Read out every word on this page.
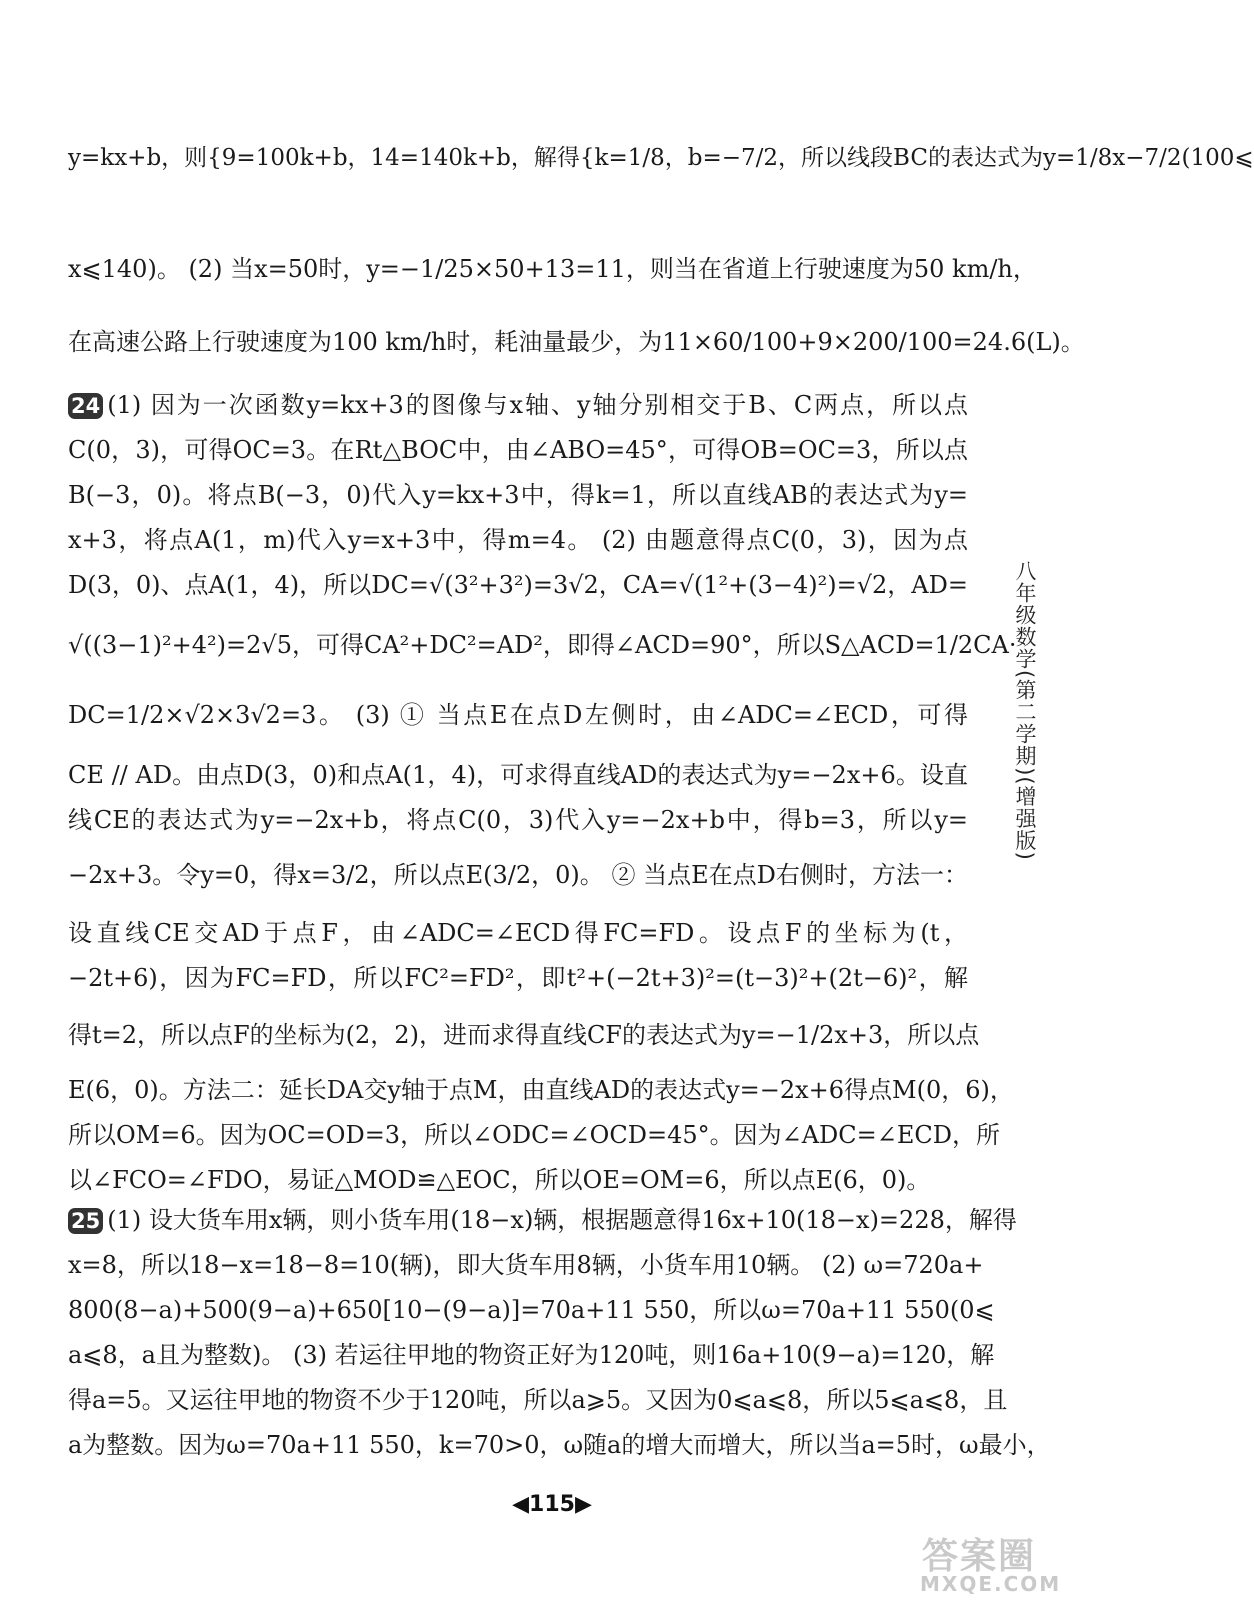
y=kx+b，则{9=100k+b，14=140k+b，解得{k=1/8，b=−7/2，所以线段BC的表达式为y=1/8x−7/2(100⩽
x⩽140)。 (2) 当x=50时，y=−1/25×50+13=11，则当在省道上行驶速度为50 km/h，
在高速公路上行驶速度为100 km/h时，耗油量最少，为11×60/100+9×200/100=24.6(L)。
24 (1) 因为一次函数y=kx+3的图像与x轴、y轴分别相交于B、C两点，所以点
C(0，3)，可得OC=3。在Rt△BOC中，由∠ABO=45°，可得OB=OC=3，所以点
B(−3，0)。将点B(−3，0)代入y=kx+3中，得k=1，所以直线AB的表达式为y=
x+3，将点A(1，m)代入y=x+3中，得m=4。 (2) 由题意得点C(0，3)，因为点
D(3，0)、点A(1，4)，所以DC=√(3²+3²)=3√2，CA=√(1²+(3−4)²)=√2，AD=
√((3−1)²+4²)=2√5，可得CA²+DC²=AD²，即得∠ACD=90°，所以S△ACD=1/2CA·
DC=1/2×√2×3√2=3。 (3) ① 当点E在点D左侧时，由∠ADC=∠ECD，可得
CE // AD。由点D(3，0)和点A(1，4)，可求得直线AD的表达式为y=−2x+6。设直
线CE的表达式为y=−2x+b，将点C(0，3)代入y=−2x+b中，得b=3，所以y=
−2x+3。令y=0，得x=3/2，所以点E(3/2，0)。 ② 当点E在点D右侧时，方法一：
设直线CE交AD于点F，由∠ADC=∠ECD得FC=FD。设点F的坐标为(t，
−2t+6)，因为FC=FD，所以FC²=FD²，即t²+(−2t+3)²=(t−3)²+(2t−6)²，解
得t=2，所以点F的坐标为(2，2)，进而求得直线CF的表达式为y=−1/2x+3，所以点
E(6，0)。方法二：延长DA交y轴于点M，由直线AD的表达式y=−2x+6得点M(0，6)，
所以OM=6。因为OC=OD=3，所以∠ODC=∠OCD=45°。因为∠ADC=∠ECD，所
以∠FCO=∠FDO，易证△MOD≌△EOC，所以OE=OM=6，所以点E(6，0)。
25 (1) 设大货车用x辆，则小货车用(18−x)辆，根据题意得16x+10(18−x)=228，解得
x=8，所以18−x=18−8=10(辆)，即大货车用8辆，小货车用10辆。 (2) ω=720a+
800(8−a)+500(9−a)+650[10−(9−a)]=70a+11 550，所以ω=70a+11 550(0⩽
a⩽8，a且为整数)。 (3) 若运往甲地的物资正好为120吨，则16a+10(9−a)=120，解
得a=5。又运往甲地的物资不少于120吨，所以a⩾5。又因为0⩽a⩽8，所以5⩽a⩽8，且
a为整数。因为ω=70a+11 550，k=70>0，ω随a的增大而增大，所以当a=5时，ω最小，
八年级数学(第二学期)(增强版)
◀115▶
答案圈
MXQE.COM
